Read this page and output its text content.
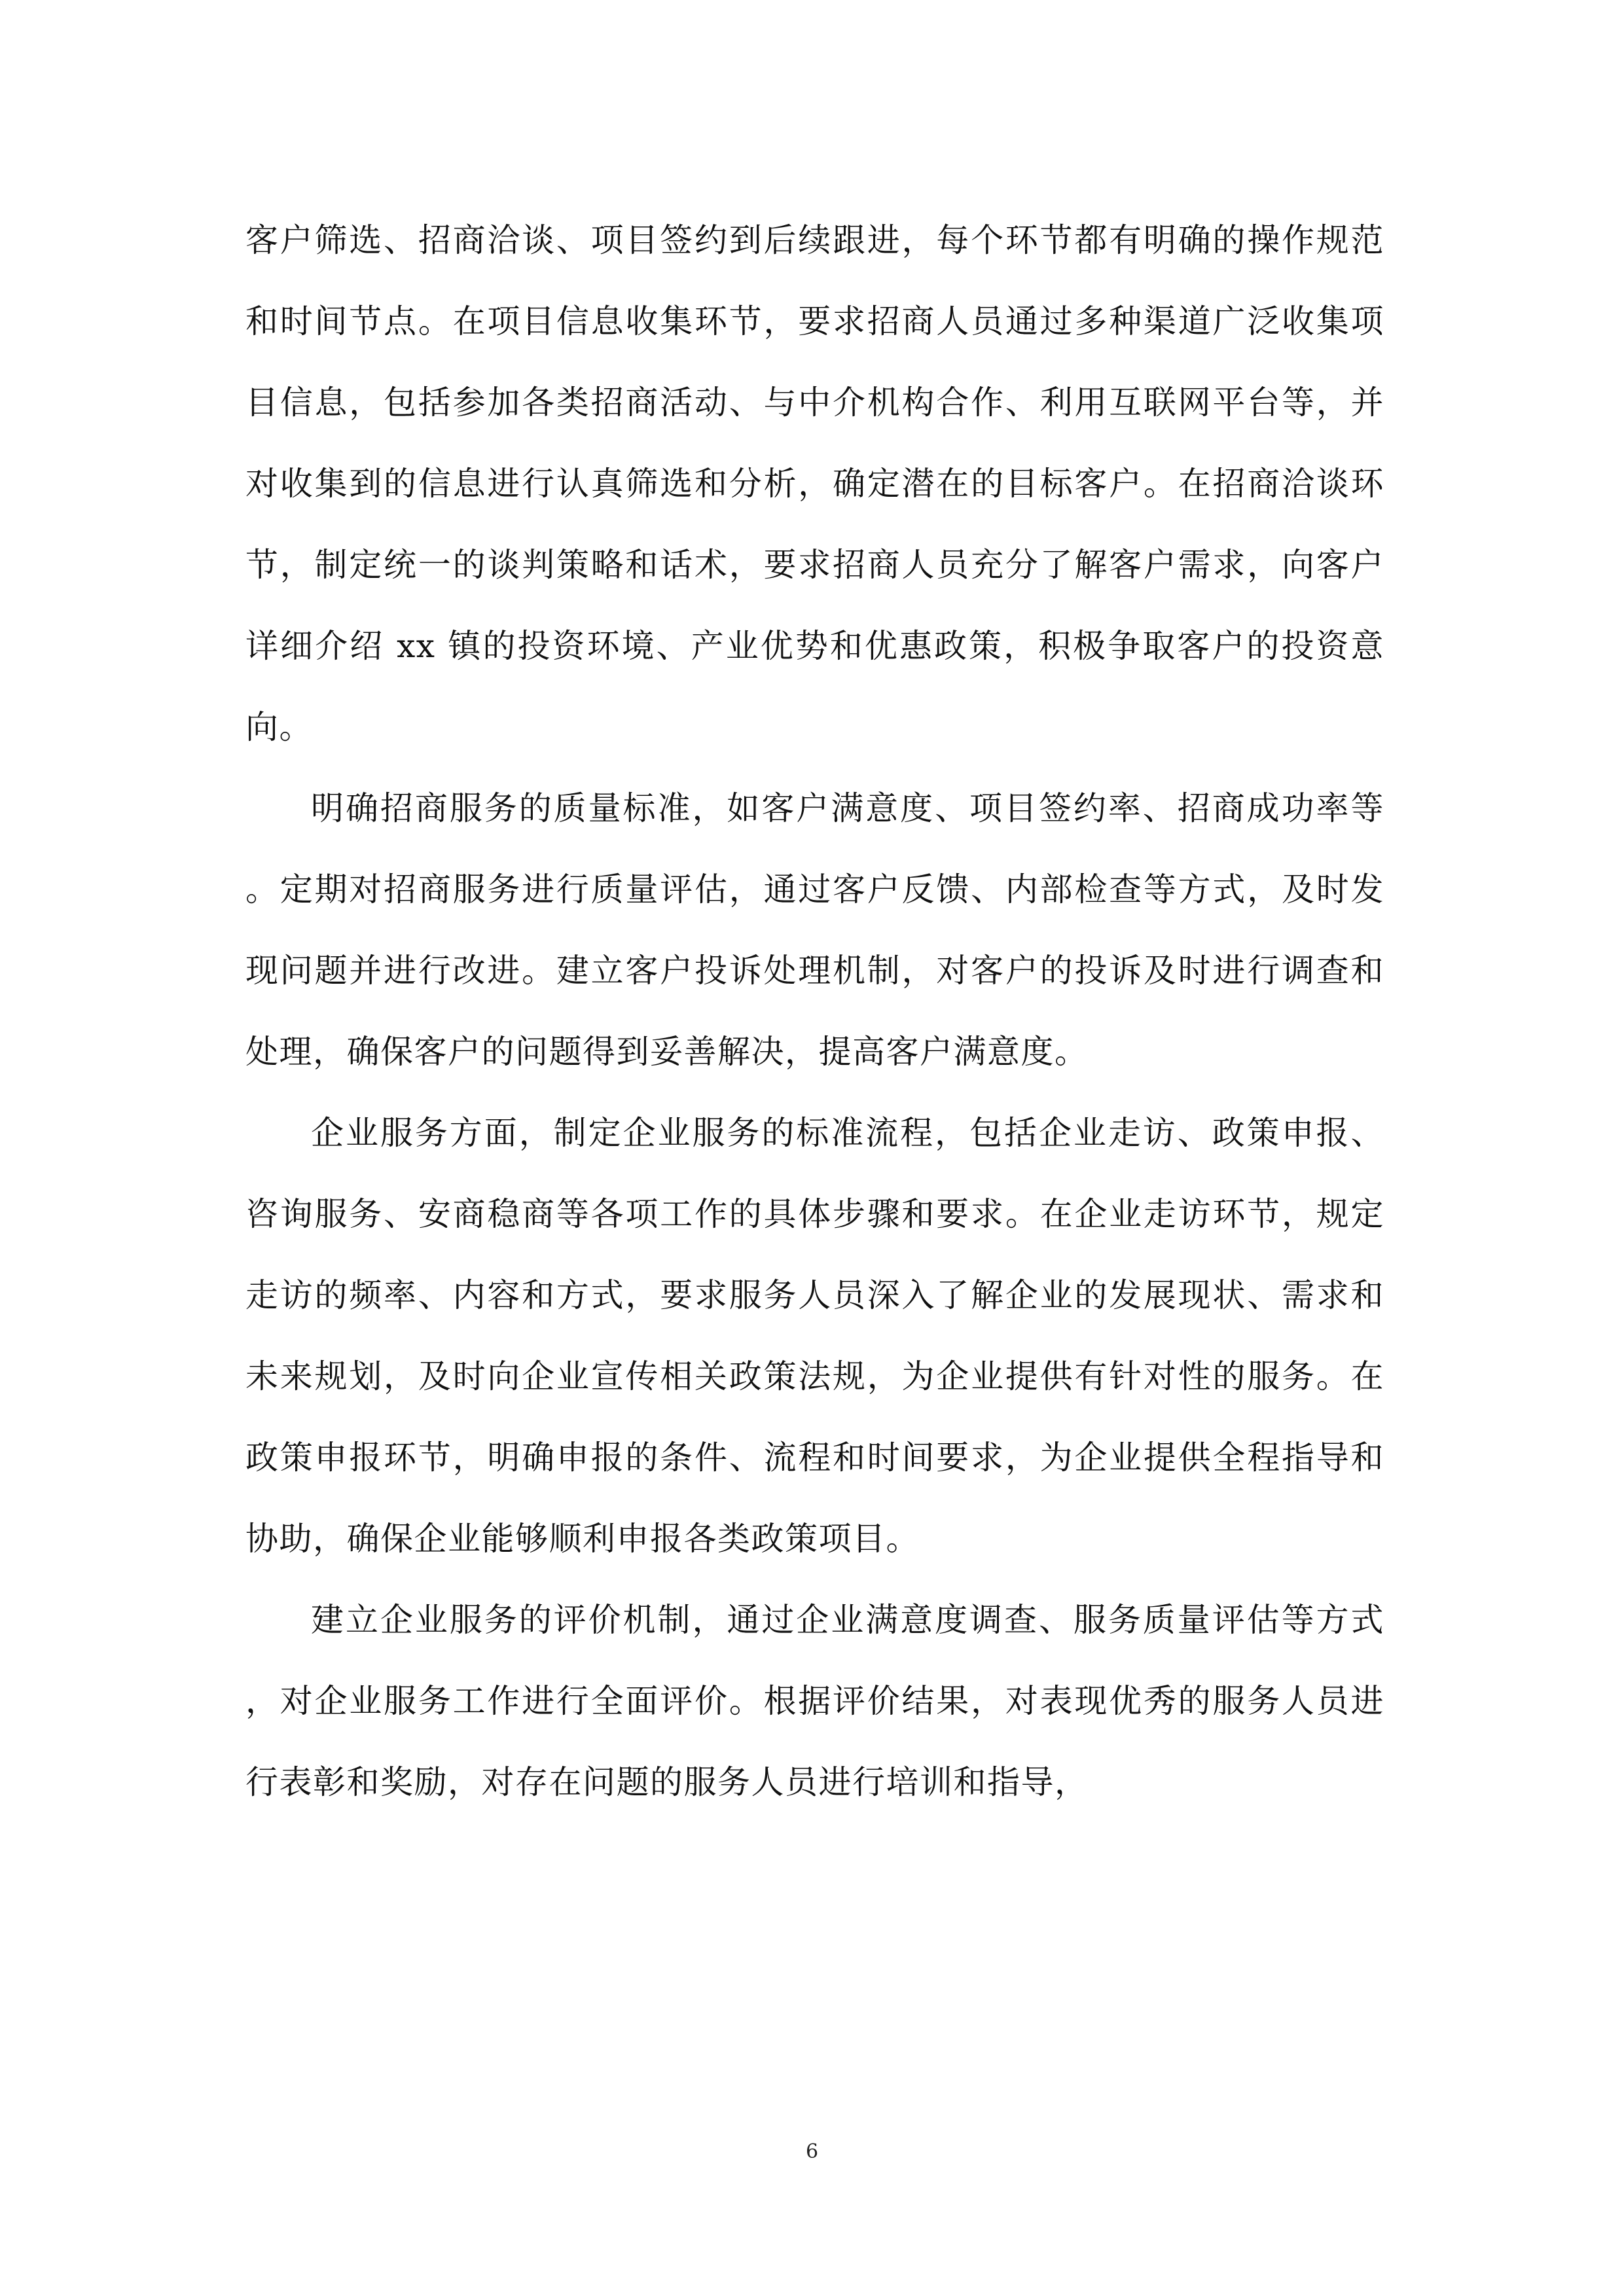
客户筛选、招商洽谈、项目签约到后续跟进，每个环节都有明确的操作规范和时间节点。在项目信息收集环节，要求招商人员通过多种渠道广泛收集项目信息，包括参加各类招商活动、与中介机构合作、利用互联网平台等，并对收集到的信息进行认真筛选和分析，确定潜在的目标客户。在招商洽谈环节，制定统一的谈判策略和话术，要求招商人员充分了解客户需求，向客户详细介绍 xx 镇的投资环境、产业优势和优惠政策，积极争取客户的投资意向。

明确招商服务的质量标准，如客户满意度、项目签约率、招商成功率等。定期对招商服务进行质量评估，通过客户反馈、内部检查等方式，及时发现问题并进行改进。建立客户投诉处理机制，对客户的投诉及时进行调查和处理，确保客户的问题得到妥善解决，提高客户满意度。

企业服务方面，制定企业服务的标准流程，包括企业走访、政策申报、咨询服务、安商稳商等各项工作的具体步骤和要求。在企业走访环节，规定走访的频率、内容和方式，要求服务人员深入了解企业的发展现状、需求和未来规划，及时向企业宣传相关政策法规，为企业提供有针对性的服务。在政策申报环节，明确申报的条件、流程和时间要求，为企业提供全程指导和协助，确保企业能够顺利申报各类政策项目。

建立企业服务的评价机制，通过企业满意度调查、服务质量评估等方式，对企业服务工作进行全面评价。根据评价结果，对表现优秀的服务人员进行表彰和奖励，对存在问题的服务人员进行培训和指导，

6
